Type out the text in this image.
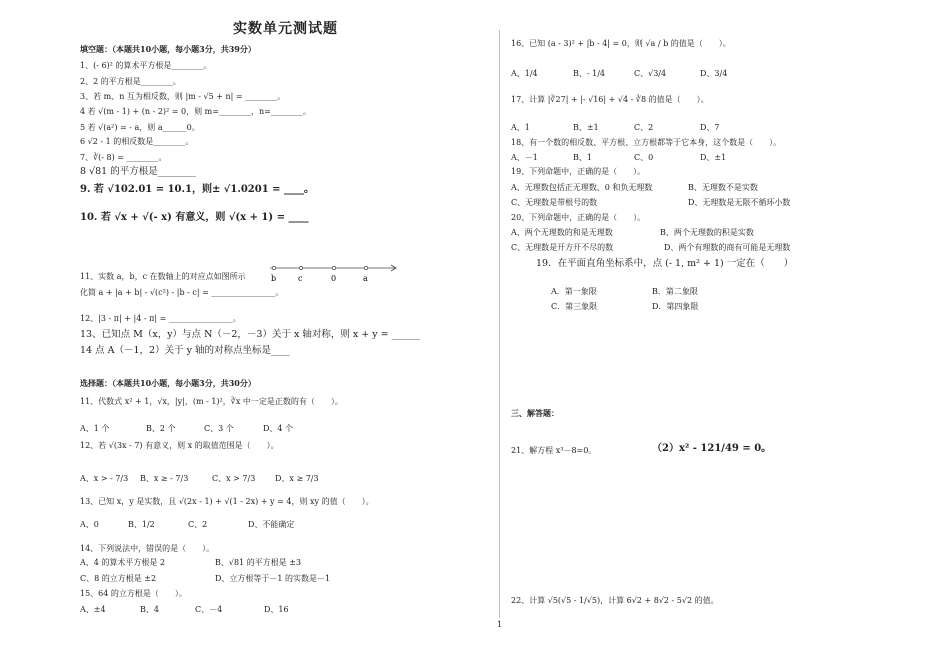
实数单元测试题
填空题：（本题共10小题，每小题3分，共39分）
1、(- 6)² 的算术平方根是________。
2、2 的平方根是________。
3、若 m、n 互为相反数，则 |m - √5 + n| = ________。
4 若 √(m - 1) + (n - 2)² = 0，则 m=________，n=________。
5 若 √(a²) = - a，则 a______0。
6 √2 - 1 的相反数是________。
7、∛(- 8) = ________。
8 √81 的平方根是________
9. 若 √102.01 = 10.1，则± √1.0201 = ____。
10. 若 √x + √(- x) 有意义，则 √(x + 1) = ____
11、实数 a，b，c 在数轴上的对应点如图所示	b	c	0	a
化简 a + |a + b| - √(c²) - |b - c| = ________________。
12、|3 - π| + |4 - π| = ________________。
13、已知点 M（x，y）与点 N（－2，－3）关于 x 轴对称，则 x + y = ______
14 点 A（－1，2）关于 y 轴的对称点坐标是____
选择题：（本题共10小题，每小题3分，共30分）
11、代数式 x² + 1，√x，|y|，(m - 1)²，∛x 中一定是正数的有（　　）。
A、1 个	B、2 个	C、3 个	D、4 个
12、若 √(3x - 7) 有意义，则 x 的取值范围是（　　）。
A、x > - 7/3 B、x ≥ - 7/3	C、x > 7/3 D、x ≥ 7/3
13、已知 x，y 是实数，且 √(2x - 1) + √(1 - 2x) + y = 4，则 xy 的值（　　）。
A、0	B、1/2	C、2	D、不能确定
14、下列说法中，错误的是（　　）。
A、4 的算术平方根是 2	B、√81 的平方根是 ±3
C、8 的立方根是 ±2	D、立方根等于－1 的实数是－1
15、64 的立方根是（　　）。
A、±4	B、4	C、－4	D、16
1
16、已知 (a - 3)² + |b - 4| = 0，则 √a / b 的值是（　　）。
A、1/4	B、- 1/4	C、√3/4	D、3/4
17、计算 |∛27| + |- √16| + √4 - ∛8 的值是（　　）。
A、1	B、±1	C、2	D、7
18、有一个数的相反数、平方根、立方根都等于它本身，这个数是（　　）。
A、－1	B、1	C、0	D、±1
19、下列命题中，正确的是（　　）。
A、无理数包括正无理数、0 和负无理数	B、无理数不是实数
C、无理数是带根号的数	D、无理数是无限不循环小数
20、下列命题中，正确的是（　　）。
A、两个无理数的和是无理数	B、两个无理数的积是实数
C、无理数是开方开不尽的数	D、两个有理数的商有可能是无理数
19．在平面直角坐标系中，点 (- 1, m² + 1) 一定在（　　）
A．第一象限	B．第二象限
C．第三象限	D．第四象限
三、解答题：
21、解方程 x³－8=0。	（2）x² - 121/49 = 0。
22、计算 √5(√5 - 1/√5)，计算 6√2 + 8√2 - 5√2 的值。
